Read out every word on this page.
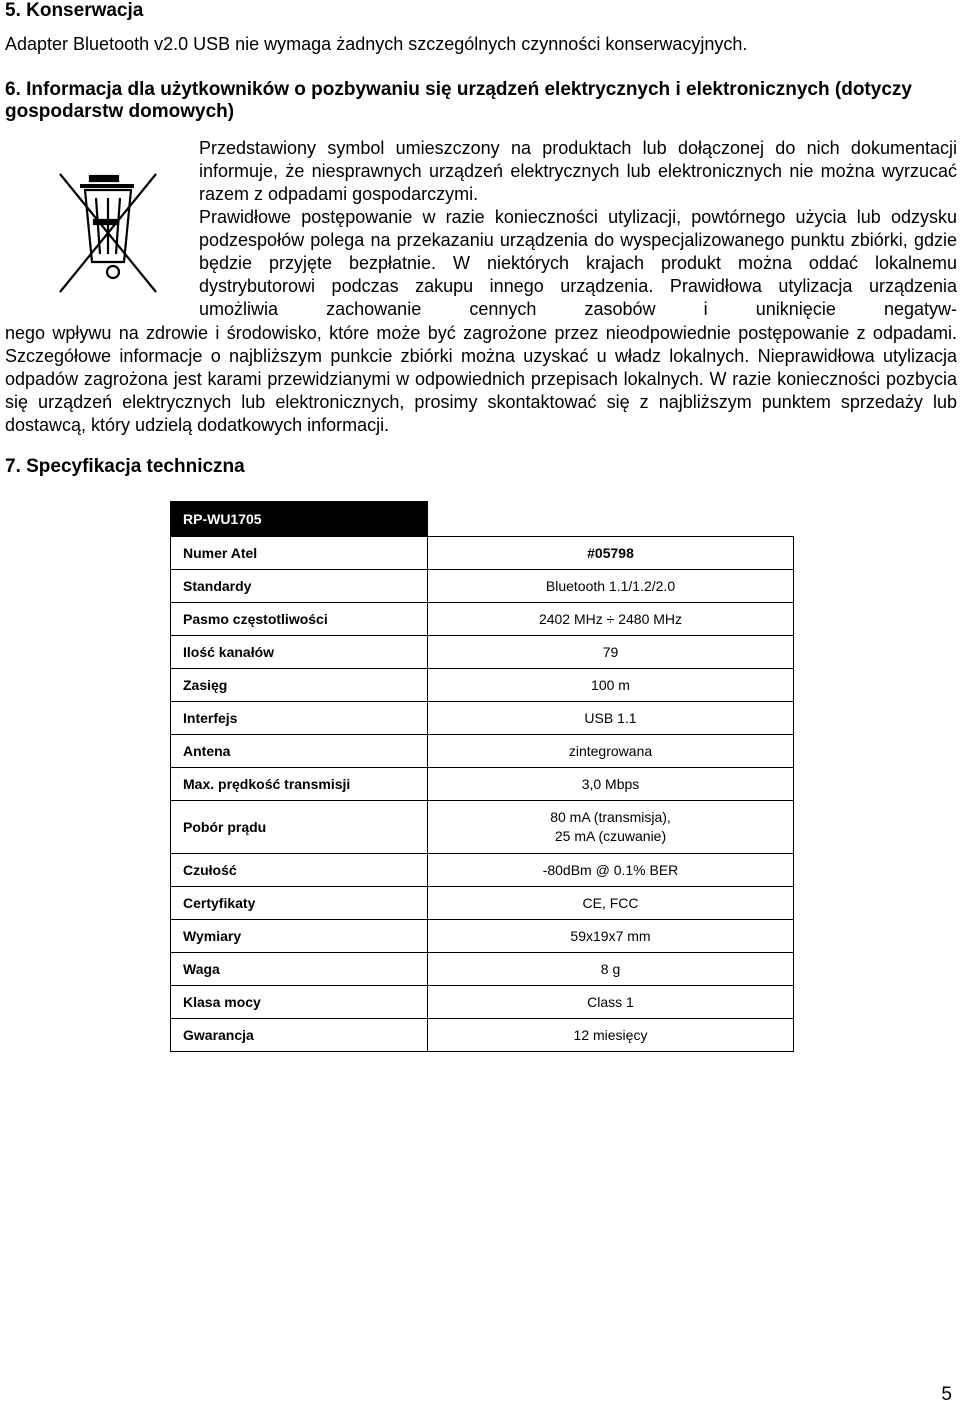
5. Konserwacja
Adapter Bluetooth v2.0 USB nie wymaga żadnych szczególnych czynności konserwacyjnych.
6. Informacja dla użytkowników o pozbywaniu się urządzeń elektrycznych i elektronicznych (dotyczy
gospodarstw domowych)
Przedstawiony symbol umieszczony na produktach lub dołączonej do nich dokumentacji informuje, że niesprawnych urządzeń elektrycznych lub elektronicznych nie można wyrzucać razem z odpadami gospodarczymi.
Prawidłowe postępowanie w razie konieczności utylizacji, powtórnego użycia lub odzysku podzespołów polega na przekazaniu urządzenia do wyspecjalizowanego punktu zbiórki, gdzie będzie przyjęte bezpłatnie. W niektórych krajach produkt można oddać lokalnemu dystrybutorowi podczas zakupu innego urządzenia. Prawidłowa utylizacja urządzenia umożliwia zachowanie cennych zasobów i uniknięcie negatyw
nego wpływu na zdrowie i środowisko, które może być zagrożone przez nieodpowiednie postępowanie z odpadami. Szczegółowe informacje o najbliższym punkcie zbiórki można uzyskać u władz lokalnych. Nieprawidłowa utylizacja odpadów zagrożona jest karami przewidzianymi w odpowiednich przepisach lokalnych. W razie konieczności pozbycia się urządzeń elektrycznych lub elektronicznych, prosimy skontaktować się z najbliższym punktem sprzedaży lub dostawcą, który udzielą dodatkowych informacji.
7. Specyfikacja techniczna
RP-WU1705	
Numer Atel	#05798
Standardy	Bluetooth 1.1/1.2/2.0
Pasmo częstotliwości	2402 MHz ÷ 2480 MHz
Ilość kanałów	79
Zasięg	100 m
Interfejs	USB 1.1
Antena	zintegrowana
Max. prędkość transmisji	3,0 Mbps
Pobór prądu	80 mA (transmisja),
25 mA (czuwanie)
Czułość	-80dBm @ 0.1% BER
Certyfikaty	CE, FCC
Wymiary	59x19x7 mm
Waga	8 g
Klasa mocy	Class 1
Gwarancja	12 miesięcy
5
